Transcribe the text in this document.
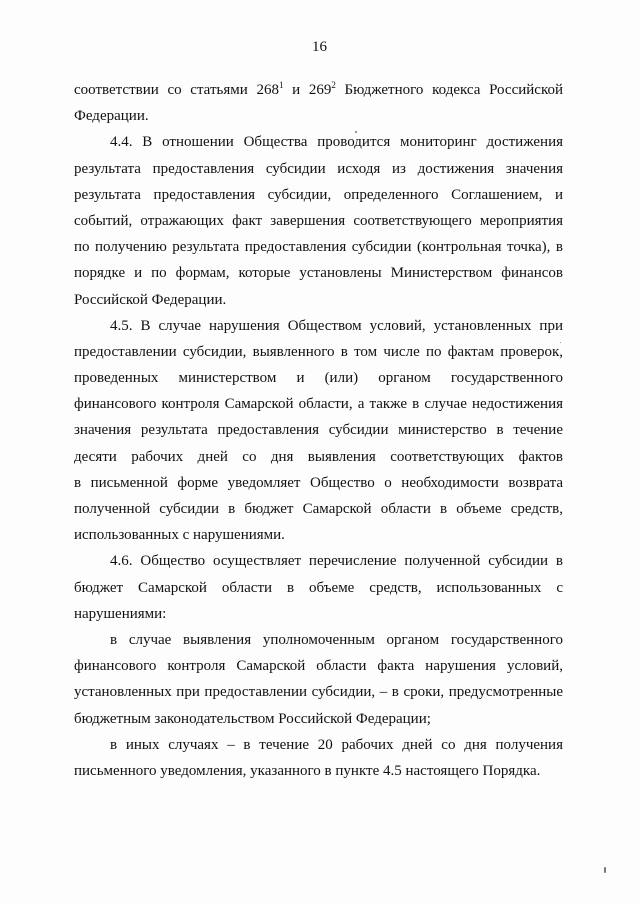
16
соответствии со статьями $268^1$ и $269^2$ Бюджетного кодекса Российской
Федерации.
4.4. В отношении Общества проводится мониторинг достижения
результата предоставления субсидии исходя из достижения значения
результата предоставления субсидии, определенного Соглашением, и
событий, отражающих факт завершения соответствующего мероприятия
по получению результата предоставления субсидии (контрольная точка), в
порядке и по формам, которые установлены Министерством финансов
Российской Федерации.
4.5. В случае нарушения Обществом условий, установленных при
предоставлении субсидии, выявленного в том числе по фактам проверок,
проведенных министерством и (или) органом государственного
финансового контроля Самарской области, а также в случае недостижения
значения результата предоставления субсидии министерство в течение
десяти рабочих дней со дня выявления соответствующих фактов
в письменной форме уведомляет Общество о необходимости возврата
полученной субсидии в бюджет Самарской области в объеме средств,
использованных с нарушениями.
4.6. Общество осуществляет перечисление полученной субсидии в
бюджет Самарской области в объеме средств, использованных с
нарушениями:
в случае выявления уполномоченным органом государственного
финансового контроля Самарской области факта нарушения условий,
установленных при предоставлении субсидии, – в сроки, предусмотренные
бюджетным законодательством Российской Федерации;
в иных случаях – в течение 20 рабочих дней со дня получения
письменного уведомления, указанного в пункте 4.5 настоящего Порядка.
